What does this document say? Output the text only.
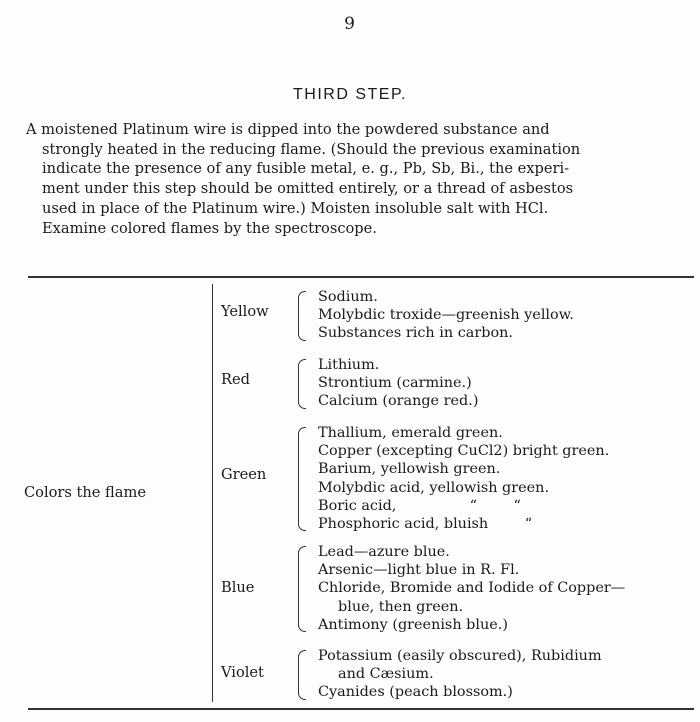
9
THIRD STEP.
A moistened Platinum wire is dipped into the powdered substance and
strongly heated in the reducing flame. (Should the previous examination
indicate the presence of any fusible metal, e. g., Pb, Sb, Bi., the experi-
ment under this step should be omitted entirely, or a thread of asbestos
used in place of the Platinum wire.) Moisten insoluble salt with HCl.
Examine colored flames by the spectroscope.
Colors the flame
Yellow
Sodium.
Molybdic troxide—greenish yellow.
Substances rich in carbon.
Red
Lithium.
Strontium (carmine.)
Calcium (orange red.)
Green
Thallium, emerald green.
Copper (excepting CuCl2) bright green.
Barium, yellowish green.
Molybdic acid, yellowish green.
Boric acid,                “        “
Phosphoric acid, bluish        “
Blue
Lead—azure blue.
Arsenic—light blue in R. Fl.
Chloride, Bromide and Iodide of Copper—
blue, then green.
Antimony (greenish blue.)
Violet
Potassium (easily obscured), Rubidium
and Cæsium.
Cyanides (peach blossom.)
